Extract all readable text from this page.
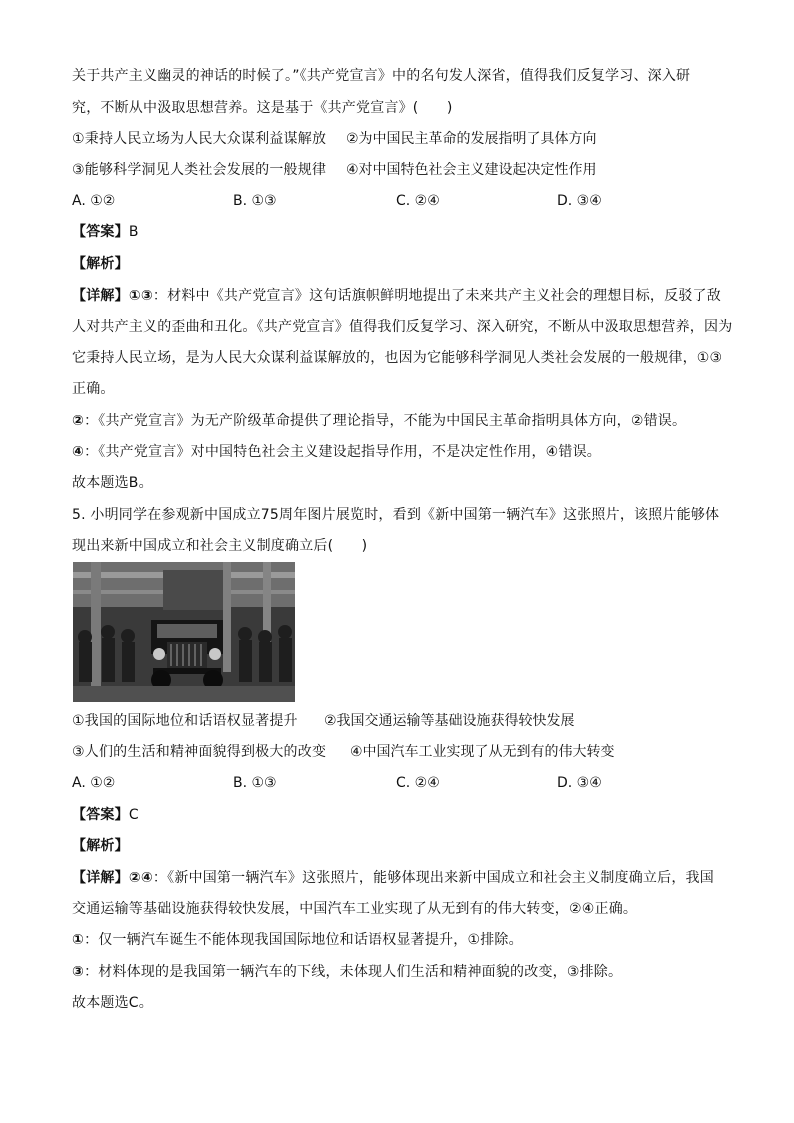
关于共产主义幽灵的神话的时候了。”《共产党宣言》中的名句发人深省，值得我们反复学习、深入研
究，不断从中汲取思想营养。这是基于《共产党宣言》(　　)
①秉持人民立场为人民大众谋利益谋解放 ②为中国民主革命的发展指明了具体方向
③能够科学洞见人类社会发展的一般规律 ④对中国特色社会主义建设起决定性作用
A. ①②	B. ①③	C. ②④	D. ③④
【答案】B
【解析】
【详解】①③：材料中《共产党宣言》这句话旗帜鲜明地提出了未来共产主义社会的理想目标，反驳了敌
人对共产主义的歪曲和丑化。《共产党宣言》值得我们反复学习、深入研究，不断从中汲取思想营养，因为
它秉持人民立场，是为人民大众谋利益谋解放的，也因为它能够科学洞见人类社会发展的一般规律，①③
正确。
②：《共产党宣言》为无产阶级革命提供了理论指导，不能为中国民主革命指明具体方向，②错误。
④：《共产党宣言》对中国特色社会主义建设起指导作用，不是决定性作用，④错误。
故本题选B。
5. 小明同学在参观新中国成立75周年图片展览时，看到《新中国第一辆汽车》这张照片，该照片能够体
现出来新中国成立和社会主义制度确立后(　　)
①我国的国际地位和话语权显著提升 ②我国交通运输等基础设施获得较快发展
③人们的生活和精神面貌得到极大的改变 ④中国汽车工业实现了从无到有的伟大转变
A. ①②	B. ①③	C. ②④	D. ③④
【答案】C
【解析】
【详解】②④：《新中国第一辆汽车》这张照片，能够体现出来新中国成立和社会主义制度确立后，我国
交通运输等基础设施获得较快发展，中国汽车工业实现了从无到有的伟大转变，②④正确。
①：仅一辆汽车诞生不能体现我国国际地位和话语权显著提升，①排除。
③：材料体现的是我国第一辆汽车的下线，未体现人们生活和精神面貌的改变，③排除。
故本题选C。
